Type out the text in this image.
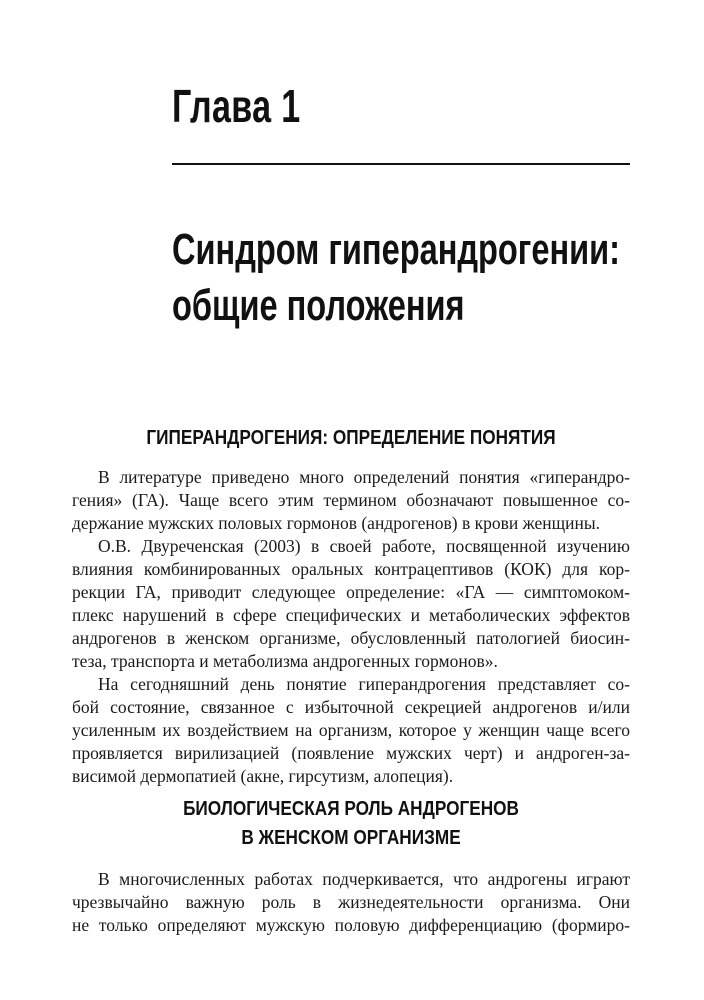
Глава 1
Синдром гиперандрогении:
общие положения
ГИПЕРАНДРОГЕНИЯ: ОПРЕДЕЛЕНИЕ ПОНЯТИЯ
В литературе приведено много определений понятия «гиперандро-
гения» (ГА). Чаще всего этим термином обозначают повышенное со-
держание мужских половых гормонов (андрогенов) в крови женщины.
О.В. Двуреченская (2003) в своей работе, посвященной изучению
влияния комбинированных оральных контрацептивов (КОК) для кор-
рекции ГА, приводит следующее определение: «ГА — симптомоком-
плекс нарушений в сфере специфических и метаболических эффектов
андрогенов в женском организме, обусловленный патологией биосин-
теза, транспорта и метаболизма андрогенных гормонов».
На сегодняшний день понятие гиперандрогения представляет со-
бой состояние, связанное с избыточной секрецией андрогенов и/или
усиленным их воздействием на организм, которое у женщин чаще всего
проявляется вирилизацией (появление мужских черт) и андроген-за-
висимой дермопатией (акне, гирсутизм, алопеция).
БИОЛОГИЧЕСКАЯ РОЛЬ АНДРОГЕНОВ
В ЖЕНСКОМ ОРГАНИЗМЕ
В многочисленных работах подчеркивается, что андрогены играют
чрезвычайно важную роль в жизнедеятельности организма. Они
не только определяют мужскую половую дифференциацию (формиро-
